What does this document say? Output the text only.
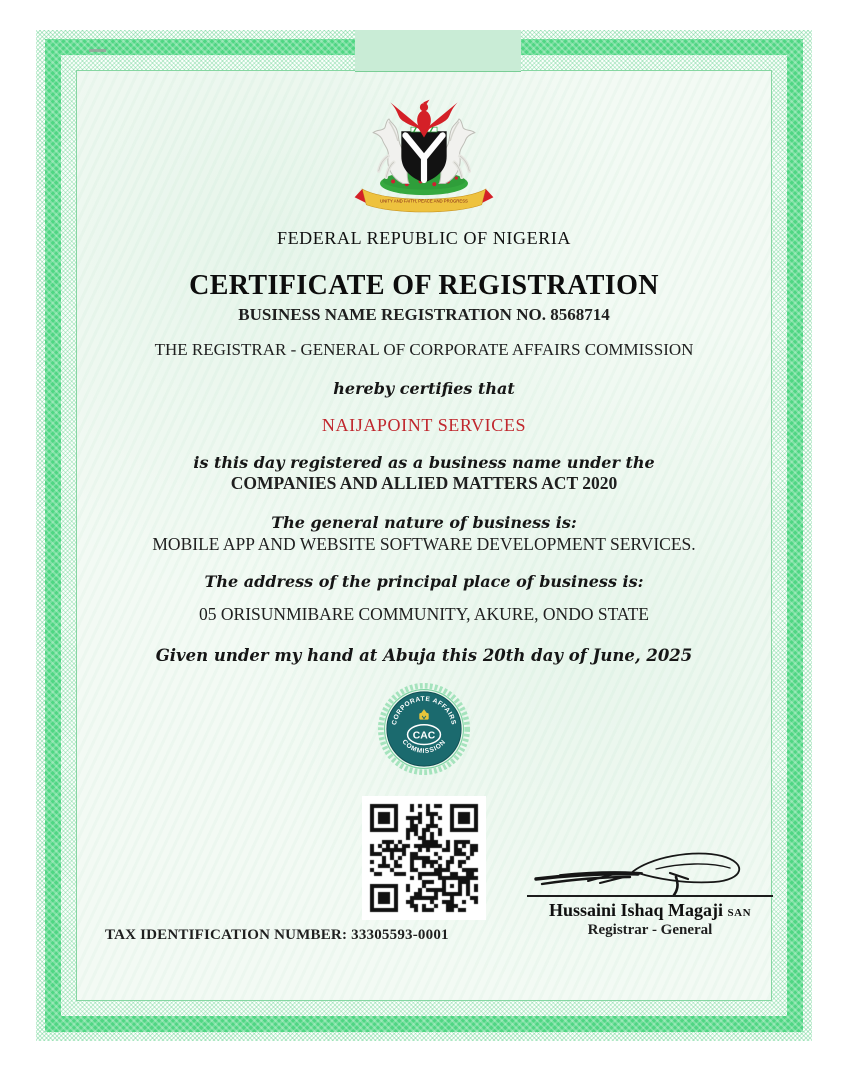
UNITY AND FAITH, PEACE AND PROGRESS
FEDERAL REPUBLIC OF NIGERIA
CERTIFICATE OF REGISTRATION
BUSINESS NAME REGISTRATION NO. 8568714
THE REGISTRAR - GENERAL OF CORPORATE AFFAIRS COMMISSION
hereby certifies that
NAIJAPOINT SERVICES
is this day registered as a business name under the
COMPANIES AND ALLIED MATTERS ACT 2020
The general nature of business is:
MOBILE APP AND WEBSITE SOFTWARE DEVELOPMENT SERVICES.
The address of the principal place of business is:
05 ORISUNMIBARE COMMUNITY, AKURE, ONDO STATE
Given under my hand at Abuja this 20th day of June, 2025
CORPORATE AFFAIRS
COMMISSION
CAC
Hussaini Ishaq Magaji SAN
Registrar - General
TAX IDENTIFICATION NUMBER: 33305593-0001
